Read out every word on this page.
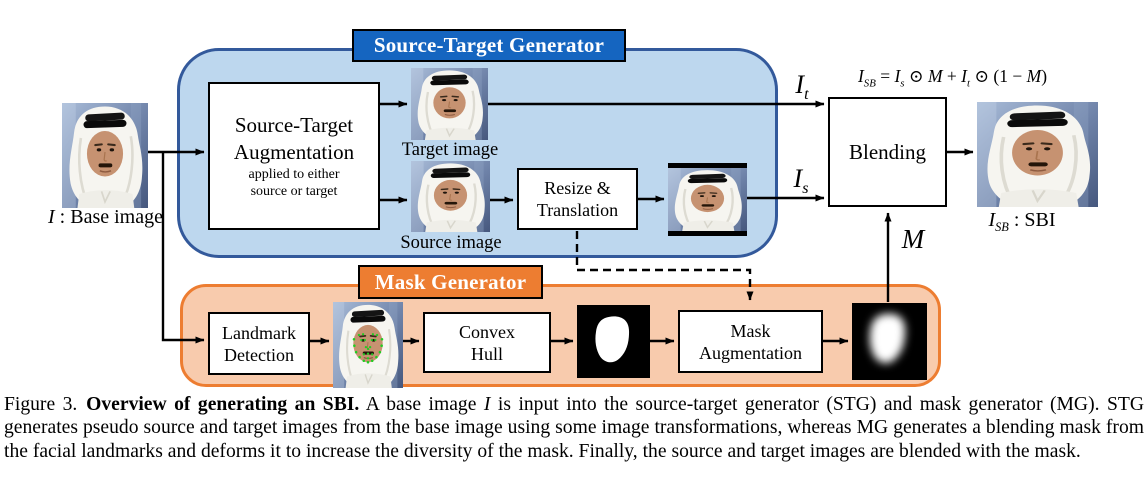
Source-Target Generator
Mask Generator
Source-Target
Augmentation
applied to either
source or target	Resize &
Translation
Blending
Landmark
Detection
Convex
Hull
Mask
Augmentation
Target image
Source image
I : Base image	$I_{SB}$ : SBI
$I_t$
$I_s$
M
$I_{SB} = I_s$ ⊙ $M + I_t$ ⊙ (1 − M)
Figure 3. Overview of generating an SBI. A base image I is input into the source-target generator (STG) and mask generator (MG). STG generates pseudo source and target images from the base image using some image transformations, whereas MG generates a blending mask from the facial landmarks and deforms it to increase the diversity of the mask. Finally, the source and target images are blended with the mask.
